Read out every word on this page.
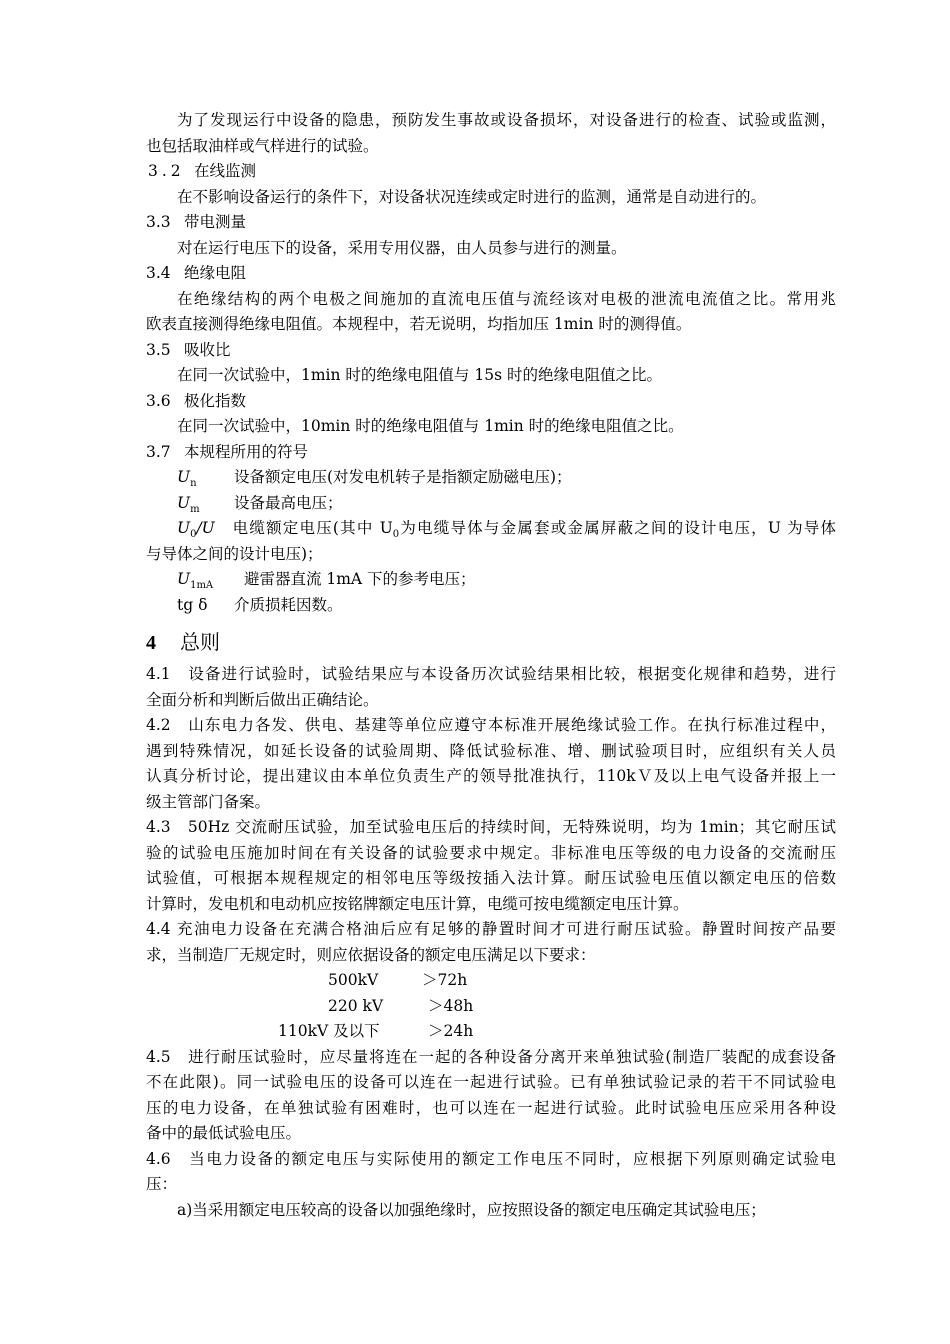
为了发现运行中设备的隐患，预防发生事故或设备损坏，对设备进行的检查、试验或监测，
也包括取油样或气样进行的试验。
3.2 在线监测
在不影响设备运行的条件下，对设备状况连续或定时进行的监测，通常是自动进行的。
3.3 带电测量
对在运行电压下的设备，采用专用仪器，由人员参与进行的测量。
3.4 绝缘电阻
在绝缘结构的两个电极之间施加的直流电压值与流经该对电极的泄流电流值之比。常用兆
欧表直接测得绝缘电阻值。本规程中，若无说明，均指加压 1min 时的测得值。
3.5 吸收比
在同一次试验中，1min 时的绝缘电阻值与 15s 时的绝缘电阻值之比。
3.6 极化指数
在同一次试验中，10min 时的绝缘电阻值与 1min 时的绝缘电阻值之比。
3.7 本规程所用的符号
$U_n$ 设备额定电压(对发电机转子是指额定励磁电压)；
$U_m$ 设备最高电压；
$U_0/U$　 电缆额定电压(其中 $U_0$为电缆导体与金属套或金属屏蔽之间的设计电压，U 为导体
与导体之间的设计电压)；
$U_{1mA}$ 避雷器直流 1mA 下的参考电压；
tg δ 介质损耗因数。
4 总则
4.1　设备进行试验时，试验结果应与本设备历次试验结果相比较，根据变化规律和趋势，进行
全面分析和判断后做出正确结论。
4.2　山东电力各发、供电、基建等单位应遵守本标准开展绝缘试验工作。在执行标准过程中，
遇到特殊情况，如延长设备的试验周期、降低试验标准、增、删试验项目时，应组织有关人员
认真分析讨论，提出建议由本单位负责生产的领导批准执行，110kＶ及以上电气设备并报上一
级主管部门备案。
4.3　50Hz 交流耐压试验，加至试验电压后的持续时间，无特殊说明，均为 1min；其它耐压试
验的试验电压施加时间在有关设备的试验要求中规定。非标准电压等级的电力设备的交流耐压
试验值，可根据本规程规定的相邻电压等级按插入法计算。耐压试验电压值以额定电压的倍数
计算时，发电机和电动机应按铭牌额定电压计算，电缆可按电缆额定电压计算。
4.4 充油电力设备在充满合格油后应有足够的静置时间才可进行耐压试验。静置时间按产品要
求，当制造厂无规定时，则应依据设备的额定电压满足以下要求：
500kV	＞72h
220 kV	＞48h
110kV 及以下	＞24h
4.5　进行耐压试验时，应尽量将连在一起的各种设备分离开来单独试验(制造厂装配的成套设备
不在此限)。同一试验电压的设备可以连在一起进行试验。已有单独试验记录的若干不同试验电
压的电力设备，在单独试验有困难时，也可以连在一起进行试验。此时试验电压应采用各种设
备中的最低试验电压。
4.6　当电力设备的额定电压与实际使用的额定工作电压不同时，应根据下列原则确定试验电
压：
a)当采用额定电压较高的设备以加强绝缘时，应按照设备的额定电压确定其试验电压；
